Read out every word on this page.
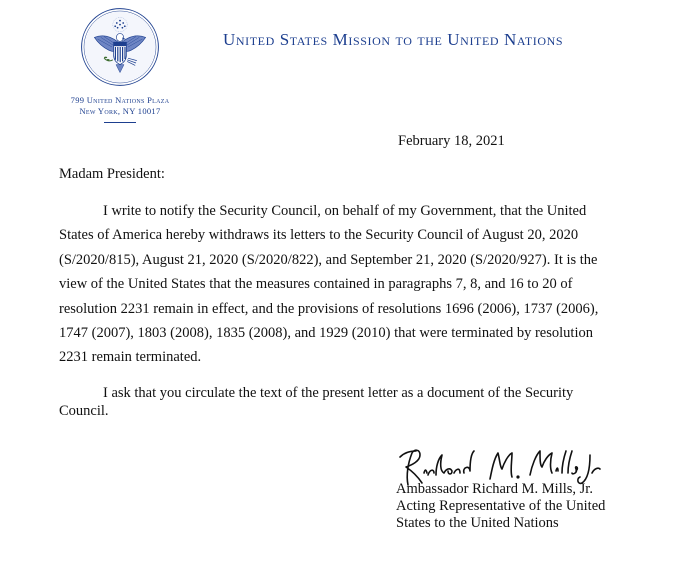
799 United Nations Plaza
New York, NY 10017
United States Mission to the United Nations
February 18, 2021
Madam President:

I write to notify the Security Council, on behalf of my Government, that the United States of America hereby withdraws its letters to the Security Council of August 20, 2020 (S/2020/815), August 21, 2020 (S/2020/822), and September 21, 2020 (S/2020/927). It is the view of the United States that the measures contained in paragraphs 7, 8, and 16 to 20 of resolution 2231 remain in effect, and the provisions of resolutions 1696 (2006), 1737 (2006), 1747 (2007), 1803 (2008), 1835 (2008), and 1929 (2010) that were terminated by resolution 2231 remain terminated.

I ask that you circulate the text of the present letter as a document of the Security Council.

Ambassador Richard M. Mills, Jr.
Acting Representative of the United
States to the United Nations
